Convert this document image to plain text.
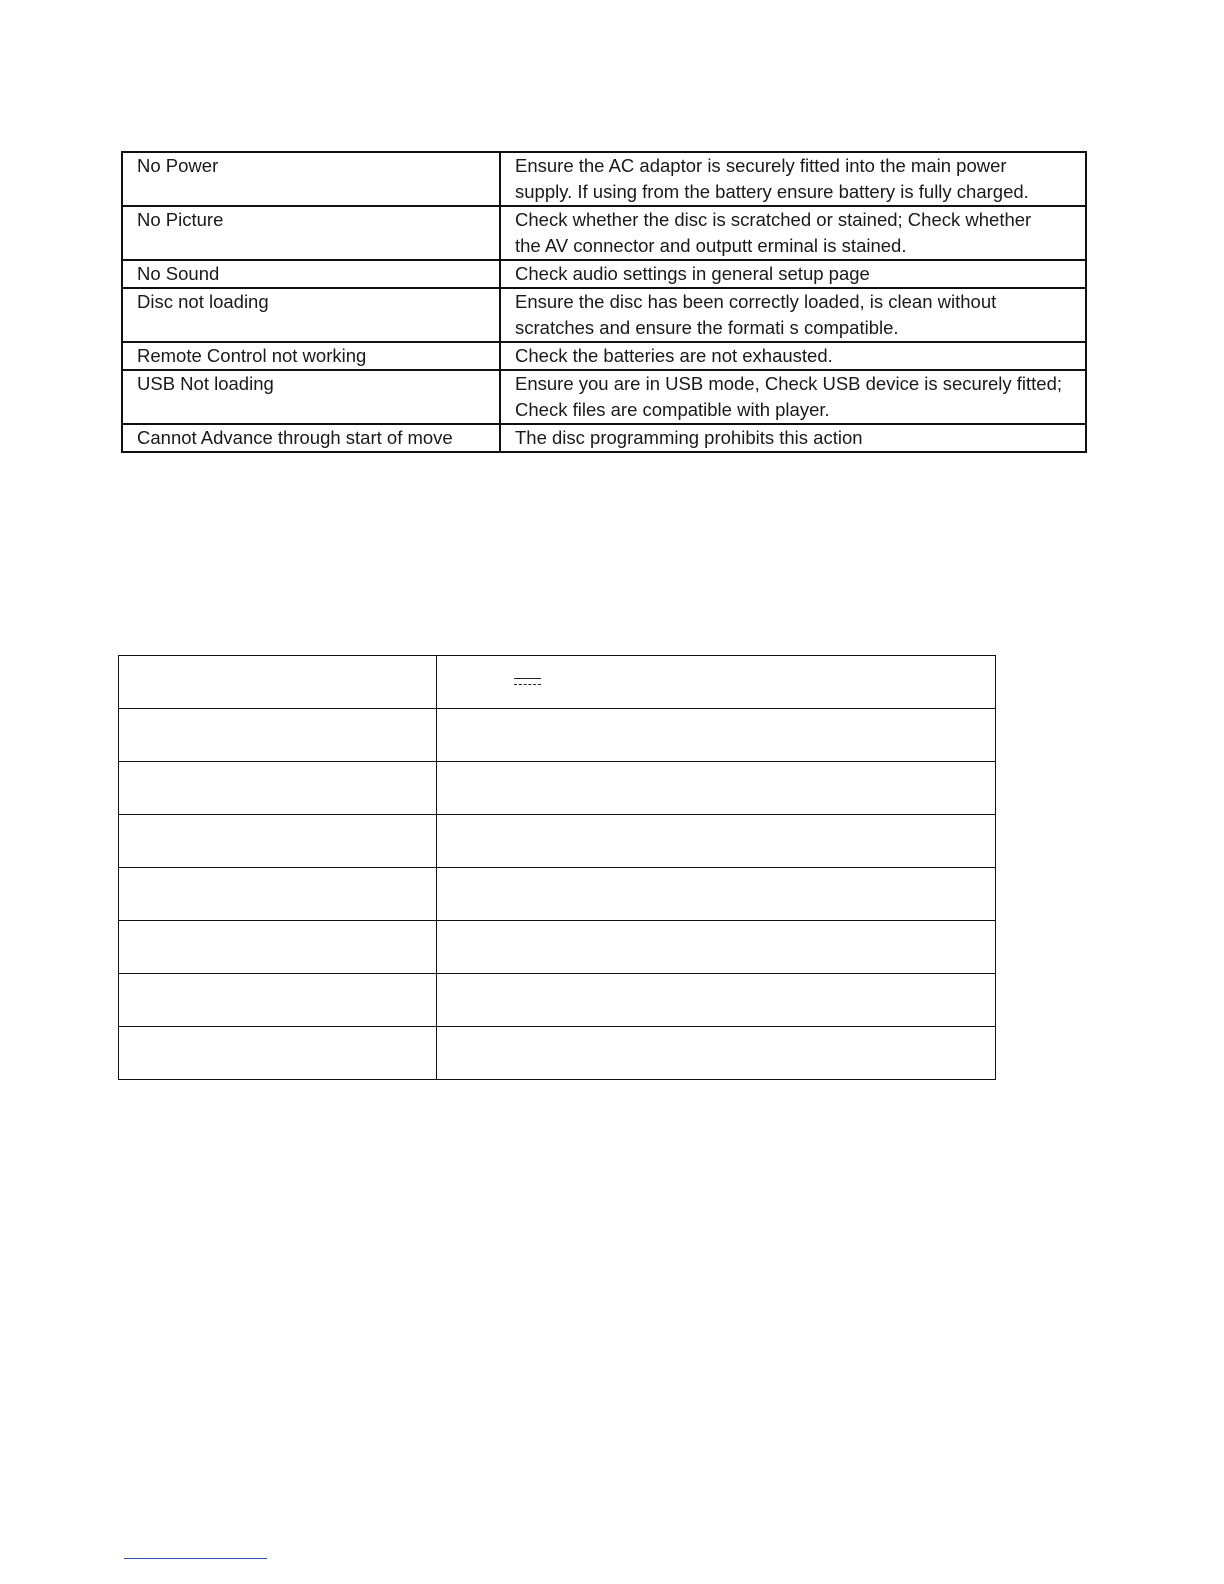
No Power	Ensure the AC adaptor is securely fitted into the main power
supply. If using from the battery ensure battery is fully charged.
No Picture	Check whether the disc is scratched or stained; Check whether
the AV connector and outputt erminal is stained.
No Sound	Check audio settings in general setup page
Disc not loading	Ensure the disc has been correctly loaded, is clean without
scratches and ensure the formati s compatible.
Remote Control not working	Check the batteries are not exhausted.
USB Not loading	Ensure you are in USB mode, Check USB device is securely fitted;
Check files are compatible with player.
Cannot Advance through start of move	The disc programming prohibits this action
